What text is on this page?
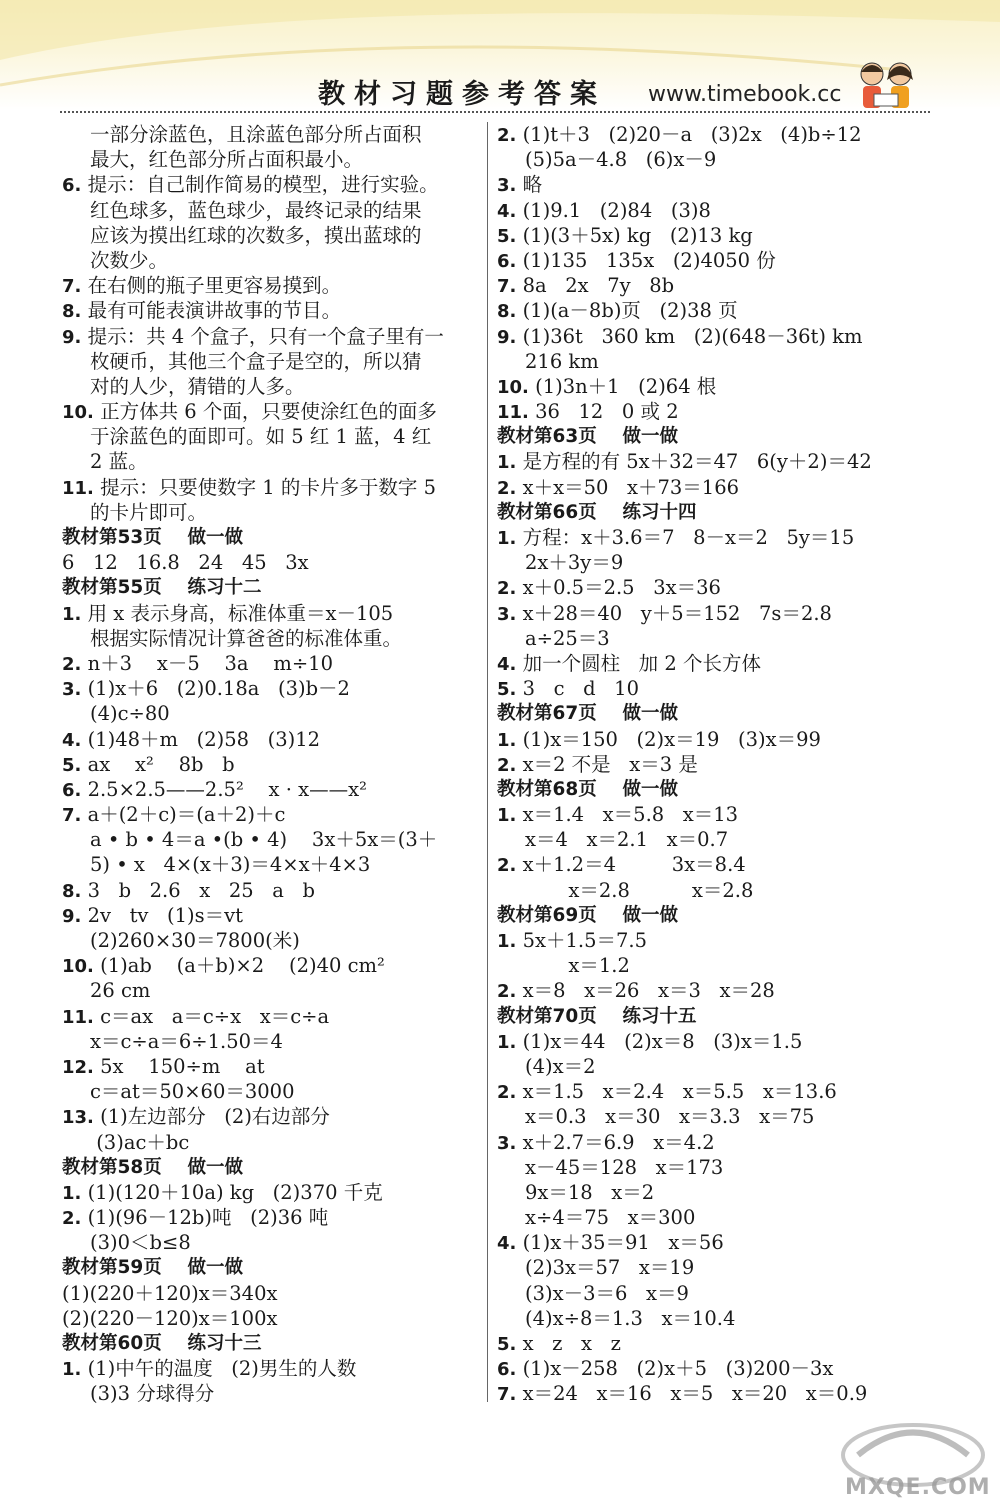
教材习题参考答案 www.timebook.cc
一部分涂蓝色，且涂蓝色部分所占面积
最大，红色部分所占面积最小。
6. 提示：自己制作简易的模型，进行实验。
红色球多，蓝色球少，最终记录的结果
应该为摸出红球的次数多，摸出蓝球的
次数少。
7. 在右侧的瓶子里更容易摸到。
8. 最有可能表演讲故事的节目。
9. 提示：共 4 个盒子，只有一个盒子里有一
枚硬币，其他三个盒子是空的，所以猜
对的人少，猜错的人多。
10. 正方体共 6 个面，只要使涂红色的面多
于涂蓝色的面即可。如 5 红 1 蓝，4 红
2 蓝。
11. 提示：只要使数字 1 的卡片多于数字 5
的卡片即可。
教材第53页    做一做
6   12   16.8   24   45   3x
教材第55页    练习十二
1. 用 x 表示身高，标准体重＝x－105
根据实际情况计算爸爸的标准体重。
2. n＋3    x－5    3a    m÷10
3. (1)x＋6   (2)0.18a   (3)b－2
(4)c÷80
4. (1)48＋m   (2)58   (3)12
5. ax    x²    8b   b
6. 2.5×2.5——2.5²    x · x——x²
7. a＋(2＋c)＝(a＋2)＋c
a • b • 4＝a •(b • 4)    3x＋5x＝(3＋
5) • x   4×(x＋3)＝4×x＋4×3
8. 3   b   2.6   x   25   a   b
9. 2v   tv   (1)s＝vt
(2)260×30＝7800(米)
10. (1)ab    (a＋b)×2    (2)40 cm²
26 cm
11. c＝ax   a＝c÷x   x＝c÷a
x＝c÷a＝6÷1.50＝4
12. 5x    150÷m    at
c＝at＝50×60＝3000
13. (1)左边部分   (2)右边部分
(3)ac＋bc
教材第58页    做一做
1. (1)(120＋10a) kg   (2)370 千克
2. (1)(96－12b)吨   (2)36 吨
(3)0＜b≤8
教材第59页    做一做
(1)(220＋120)x＝340x
(2)(220－120)x＝100x
教材第60页    练习十三
1. (1)中午的温度   (2)男生的人数
(3)3 分球得分
2. (1)t＋3   (2)20－a   (3)2x   (4)b÷12
(5)5a－4.8   (6)x－9
3. 略
4. (1)9.1   (2)84   (3)8
5. (1)(3＋5x) kg   (2)13 kg
6. (1)135   135x   (2)4050 份
7. 8a   2x   7y   8b
8. (1)(a－8b)页   (2)38 页
9. (1)36t   360 km   (2)(648－36t) km
216 km
10. (1)3n＋1   (2)64 根
11. 36   12   0 或 2
教材第63页    做一做
1. 是方程的有 5x＋32＝47   6(y＋2)＝42
2. x＋x＝50   x＋73＝166
教材第66页    练习十四
1. 方程：x＋3.6＝7   8－x＝2   5y＝15
2x＋3y＝9
2. x＋0.5＝2.5   3x＝36
3. x＋28＝40   y＋5＝152   7s＝2.8
a÷25＝3
4. 加一个圆柱   加 2 个长方体
5. 3   c   d   10
教材第67页    做一做
1. (1)x＝150   (2)x＝19   (3)x＝99
2. x＝2 不是   x＝3 是
教材第68页    做一做
1. x＝1.4   x＝5.8   x＝13
x＝4   x＝2.1   x＝0.7
2. x＋1.2＝4         3x＝8.4
x＝2.8          x＝2.8
教材第69页    做一做
1. 5x＋1.5＝7.5
x＝1.2
2. x＝8   x＝26   x＝3   x＝28
教材第70页    练习十五
1. (1)x＝44   (2)x＝8   (3)x＝1.5
(4)x＝2
2. x＝1.5   x＝2.4   x＝5.5   x＝13.6
x＝0.3   x＝30   x＝3.3   x＝75
3. x＋2.7＝6.9   x＝4.2
x－45＝128   x＝173
9x＝18   x＝2
x÷4＝75   x＝300
4. (1)x＋35＝91   x＝56
(2)3x＝57   x＝19
(3)x－3＝6   x＝9
(4)x÷8＝1.3   x＝10.4
5. x   z   x   z
6. (1)x－258   (2)x＋5   (3)200－3x
7. x＝24   x＝16   x＝5   x＝20   x＝0.9
MXQE.COM
